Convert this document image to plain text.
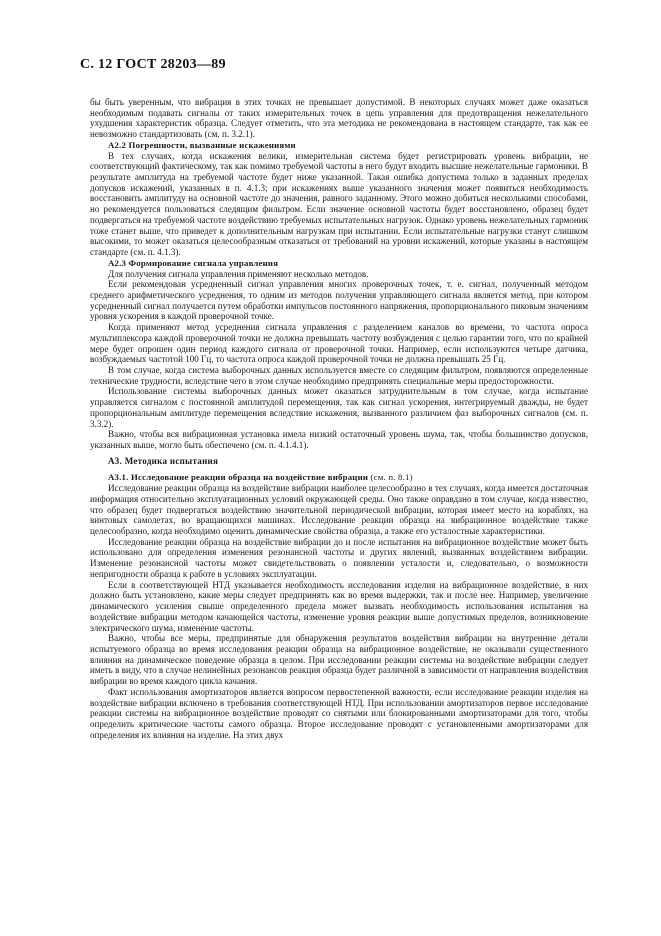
С. 12 ГОСТ 28203—89

бы быть уверенным, что вибрация в этих точках не превышает допустимой. В некоторых случаях может даже оказаться необходимым подавать сигналы от таких измерительных точек в цепь управления для предотвращения нежелательного ухудшения характеристик образца. Следует отметить, что эта методика не рекомендована в настоящем стандарте, так как ее невозможно стандартизовать (см. п. 3.2.1).

А2.2 Погрешности, вызванные искажениями

В тех случаях, когда искажения велики, измерительная система будет регистрировать уровень вибрации, не соответствующий фактическому, так как помимо требуемой частоты в него будут входить высшие нежелательные гармоники. В результате амплитуда на требуемой частоте будет ниже указанной. Такая ошибка допустима только в заданных пределах допусков искажений, указанных в п. 4.1.3; при искажениях выше указанного значения может появиться необходимость восстановить амплитуду на основной частоте до значения, равного заданному. Этого можно добиться несколькими способами, но рекомендуется пользоваться следящим фильтром. Если значение основной частоты будет восстановлено, образец будет подвергаться на требуемой частоте воздействию требуемых испытательных нагрузок. Однако уровень нежелательных гармоник тоже станет выше, что приведет к дополнительным нагрузкам при испытании. Если испытательные нагрузки станут слишком высокими, то может оказаться целесообразным отказаться от требований на уровни искажений, которые указаны в настоящем стандарте (см. п. 4.1.3).

А2.3 Формирование сигнала управления

Для получения сигнала управления применяют несколько методов.

Если рекомендован усредненный сигнал управления многих проверочных точек, т. е. сигнал, полученный методом среднего арифметического усреднения, то одним из методов получения управляющего сигнала является метод, при котором усредненный сигнал получается путем обработки импульсов постоянного напряжения, пропорционального пиковым значениям уровня ускорения в каждой проверочной точке.

Когда применяют метод усреднения сигнала управления с разделением каналов во времени, то частота опроса мультиплексора каждой проверочной точки не должна превышать частоту возбуждения с целью гарантии того, что по крайней мере будет опрошен один период каждого сигнала от проверочной точки. Например, если используются четыре датчика, возбуждаемых частотой 100 Гц, то частота опроса каждой проверочной точки не должна превышать 25 Гц.

В том случае, когда система выборочных данных используется вместе со следящим фильтром, появляются определенные технические трудности, вследствие чего в этом случае необходимо предпринять специальные меры предосторожности.

Использование системы выборочных данных может оказаться затруднительным в том случае, когда испытание управляется сигналом с постоянной амплитудой перемещения, так как сигнал ускорения, интегрируемый дважды, не будет пропорциональным амплитуде перемещения вследствие искажения, вызванного различием фаз выборочных сигналов (см. п. 3.3.2).

Важно, чтобы вся вибрационная установка имела низкий остаточный уровень шума, так, чтобы большинство допусков, указанных выше, могло быть обеспечено (см. п. 4.1.4.1).

А3. Методика испытания
А3.1. Исследование реакции образца на воздействие вибрации (см. п. 8.1)

Исследование реакции образца на воздействие вибрации наиболее целесообразно в тех случаях, когда имеется достаточная информация относительно эксплуатационных условий окружающей среды. Оно также оправдано в том случае, когда известно, что образец будет подвергаться воздействию значительной периодической вибрации, которая имеет место на кораблях, на винтовых самолетах, во вращающихся машинах. Исследование реакции образца на вибрационное воздействие также целесообразно, когда необходимо оценить динамические свойства образца, а также его усталостные характеристики.

Исследование реакции образца на воздействие вибрации до и после испытания на вибрационное воздействие может быть использовано для определения изменения резонансной частоты и других явлений, вызванных воздействием вибрации. Изменение резонансной частоты может свидетельствовать о появлении усталости и, следовательно, о возможности непригодности образца к работе в условиях эксплуатации.

Если в соответствующей НТД указывается необходимость исследования изделия на вибрационное воздействие, в них должно быть установлено, какие меры следует предпринять как во время выдержки, так и после нее. Например, увеличение динамического усиления свыше определенного предела может вызвать необходимость использования испытания на воздействие вибрации методом качающейся частоты, изменение уровня реакции выше допустимых пределов, возникновение электрического шума, изменение частоты.

Важно, чтобы все меры, предпринятые для обнаружения результатов воздействия вибрации на внутренние детали испытуемого образца во время исследования реакции образца на вибрационное воздействие, не оказывали существенного влияния на динамическое поведение образца в целом. При исследовании реакции системы на воздействие вибрации следует иметь в виду, что в случае нелинейных резонансов реакция образца будет различной в зависимости от направления воздействия вибрации во время каждого цикла качания.

Факт использования амортизаторов является вопросом первостепенной важности, если исследование реакции изделия на воздействие вибрации включено в требования соответствующей НТД. При использовании амортизаторов первое исследование реакции системы на вибрационное воздействие проводят со снятыми или блокированными амортизаторами для того, чтобы определить критические частоты самого образца. Второе исследование проводят с установленными амортизаторами для определения их влияния на изделие. На этих двух
